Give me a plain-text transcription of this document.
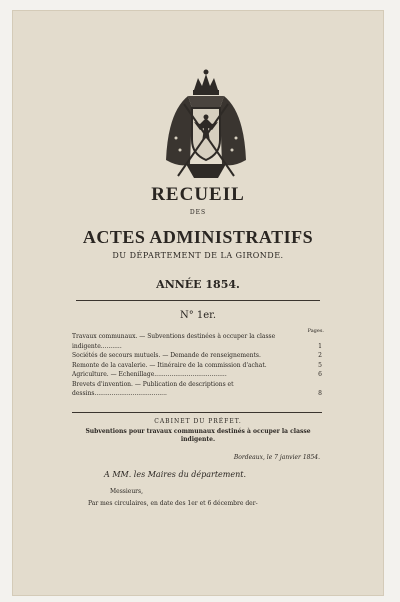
RECUEIL
DES
ACTES ADMINISTRATIFS
DU DÉPARTEMENT DE LA GIRONDE.
ANNÉE 1854.
N° 1er.
Pages.
Travaux communaux. — Subventions destinées à occuper la classe indigente...........	1
Sociétés de secours mutuels. — Demande de renseignements.	2
Remonte de la cavalerie. — Itinéraire de la commission d'achat.	5
Agriculture. — Echenillage......................................	6
Brevets d'invention. — Publication de descriptions et dessins......................................	8
CABINET DU PRÉFET.
Subventions pour travaux communaux destinés à occuper la classe indigente.
Bordeaux, le 7 janvier 1854.
A MM. les Maires du département.
Messieurs,
Par mes circulaires, en date des 1er et 6 décembre der-
